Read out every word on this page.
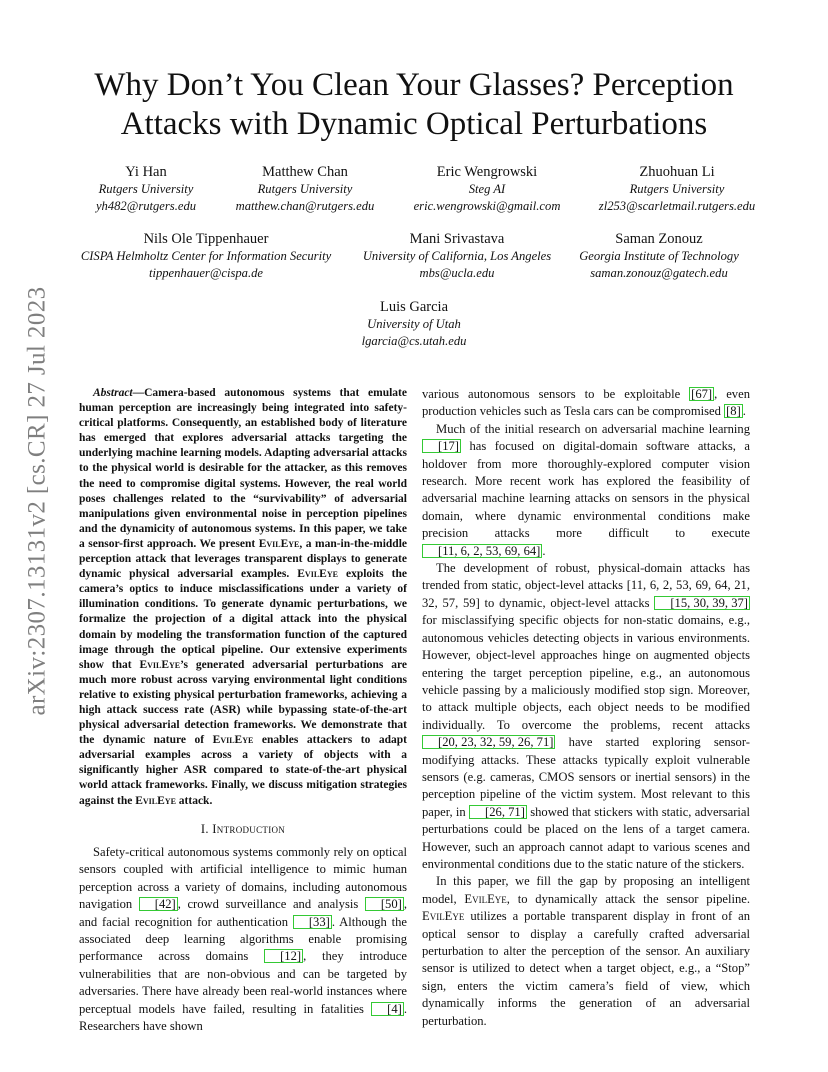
arXiv:2307.13131v2 [cs.CR] 27 Jul 2023
Why Don’t You Clean Your Glasses? Perception Attacks with Dynamic Optical Perturbations
Yi Han
Rutgers University
yh482@rutgers.edu
Matthew Chan
Rutgers University
matthew.chan@rutgers.edu
Eric Wengrowski
Steg AI
eric.wengrowski@gmail.com
Zhuohuan Li
Rutgers University
zl253@scarletmail.rutgers.edu
Nils Ole Tippenhauer
CISPA Helmholtz Center for Information Security
tippenhauer@cispa.de
Mani Srivastava
University of California, Los Angeles
mbs@ucla.edu
Saman Zonouz
Georgia Institute of Technology
saman.zonouz@gatech.edu
Luis Garcia
University of Utah
lgarcia@cs.utah.edu

Abstract—Camera-based autonomous systems that emulate human perception are increasingly being integrated into safety-critical platforms. Consequently, an established body of literature has emerged that explores adversarial attacks targeting the underlying machine learning models. Adapting adversarial attacks to the physical world is desirable for the attacker, as this removes the need to compromise digital systems. However, the real world poses challenges related to the “survivability” of adversarial manipulations given environmental noise in perception pipelines and the dynamicity of autonomous systems. In this paper, we take a sensor-first approach. We present EvilEye, a man-in-the-middle perception attack that leverages transparent displays to generate dynamic physical adversarial examples. EvilEye exploits the camera’s optics to induce misclassifications under a variety of illumination conditions. To generate dynamic perturbations, we formalize the projection of a digital attack into the physical domain by modeling the transformation function of the captured image through the optical pipeline. Our extensive experiments show that EvilEye’s generated adversarial perturbations are much more robust across varying environmental light conditions relative to existing physical perturbation frameworks, achieving a high attack success rate (ASR) while bypassing state-of-the-art physical adversarial detection frameworks. We demonstrate that the dynamic nature of EvilEye enables attackers to adapt adversarial examples across a variety of objects with a significantly higher ASR compared to state-of-the-art physical world attack frameworks. Finally, we discuss mitigation strategies against the EvilEye attack.

I. Introduction

Safety-critical autonomous systems commonly rely on optical sensors coupled with artificial intelligence to mimic human perception across a variety of domains, including autonomous navigation [42] , crowd surveillance and analysis [50] , and facial recognition for authentication [33] . Although the associated deep learning algorithms enable promising performance across domains [12] , they introduce vulnerabilities that are non-obvious and can be targeted by adversaries. There have already been real-world instances where perceptual models have failed, resulting in fatalities [4] . Researchers have shown

various autonomous sensors to be exploitable [67] , even production vehicles such as Tesla cars can be compromised [8] .

Much of the initial research on adversarial machine learning [17] has focused on digital-domain software attacks, a holdover from more thoroughly-explored computer vision research. More recent work has explored the feasibility of adversarial machine learning attacks on sensors in the physical domain, where dynamic environmental conditions make precision attacks more difficult to execute [11, 6, 2, 53, 69, 64] .

The development of robust, physical-domain attacks has trended from static, object-level attacks [11, 6, 2, 53, 69, 64, 21, 32, 57, 59] to dynamic, object-level attacks [15, 30, 39, 37] for misclassifying specific objects for non-static domains, e.g., autonomous vehicles detecting objects in various environments. However, object-level approaches hinge on augmented objects entering the target perception pipeline, e.g., an autonomous vehicle passing by a maliciously modified stop sign. Moreover, to attack multiple objects, each object needs to be modified individually. To overcome the problems, recent attacks [20, 23, 32, 59, 26, 71] have started exploring sensor-modifying attacks. These attacks typically exploit vulnerable sensors (e.g. cameras, CMOS sensors or inertial sensors) in the perception pipeline of the victim system. Most relevant to this paper, in [26, 71] showed that stickers with static, adversarial perturbations could be placed on the lens of a target camera. However, such an approach cannot adapt to various scenes and environmental conditions due to the static nature of the stickers.

In this paper, we fill the gap by proposing an intelligent model, EvilEye, to dynamically attack the sensor pipeline. EvilEye utilizes a portable transparent display in front of an optical sensor to display a carefully crafted adversarial perturbation to alter the perception of the sensor. An auxiliary sensor is utilized to detect when a target object, e.g., a “Stop” sign, enters the victim camera’s field of view, which dynamically informs the generation of an adversarial perturbation.
